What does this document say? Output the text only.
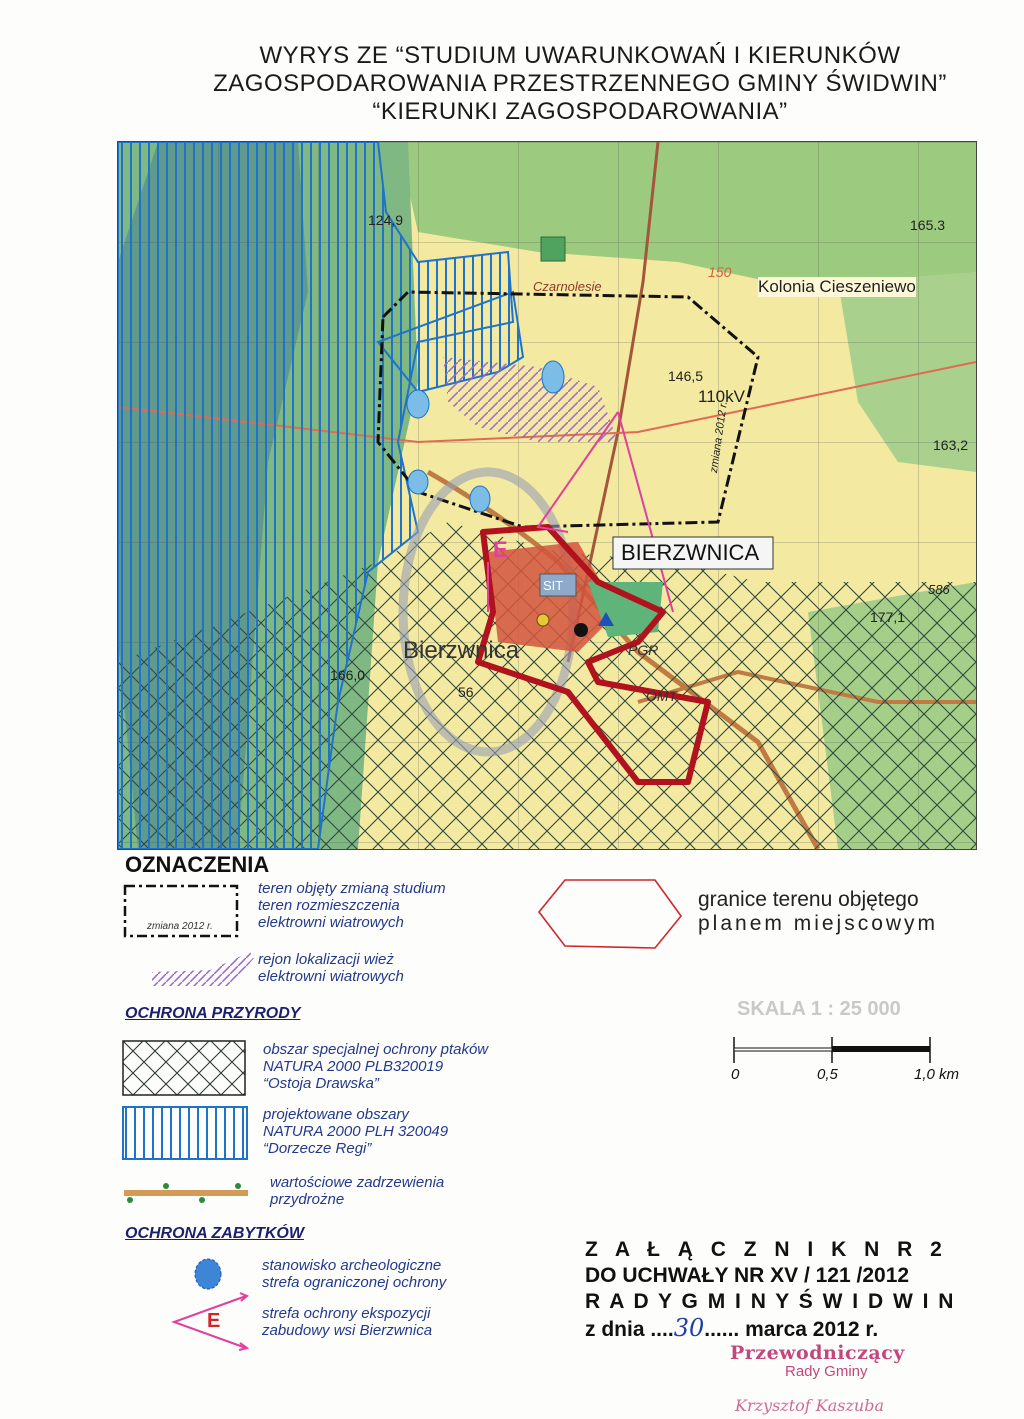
WYRYS ZE “STUDIUM UWARUNKOWAŃ I KIERUNKÓW
ZAGOSPODAROWANIA PRZESTRZENNEGO GMINY ŚWIDWIN”
“KIERUNKI ZAGOSPODAROWANIA”
BIERZWNICA
Bierzwnica
Kolonia Cieszeniewo
Czarnolesie
SIT
PGR
OMT
110kV
zmiana 2012 r.
124,9	165.3
146,5
163,2
177,1
166,0
150
56
586
E
OZNACZENIA
zmiana 2012 r.
teren objęty zmianą studium
teren rozmieszczenia
elektrowni wiatrowych
rejon lokalizacji wież
elektrowni wiatrowych
granice terenu objętego
planem miejscowym
OCHRONA PRZYRODY
obszar specjalnej ochrony ptaków
NATURA 2000 PLB320019
“Ostoja Drawska”
projektowane obszary
NATURA 2000 PLH 320049
“Dorzecze Regi”
wartościowe zadrzewienia
przydrożne
OCHRONA ZABYTKÓW
stanowisko archeologiczne
strefa ograniczonej ochrony
E	strefa ochrony ekspozycji
zabudowy wsi Bierzwnica
SKALA 1 : 25 000
0	0,5	1,0 km
Z A Ł Ą C Z N I K N R 2
DO UCHWAŁY NR XV / 121 /2012
R A D Y G M I N Y Ś W I D W I N
z dnia ....30...... marca 2012 r.
Przewodniczący
Rady Gminy
Krzysztof Kaszuba
